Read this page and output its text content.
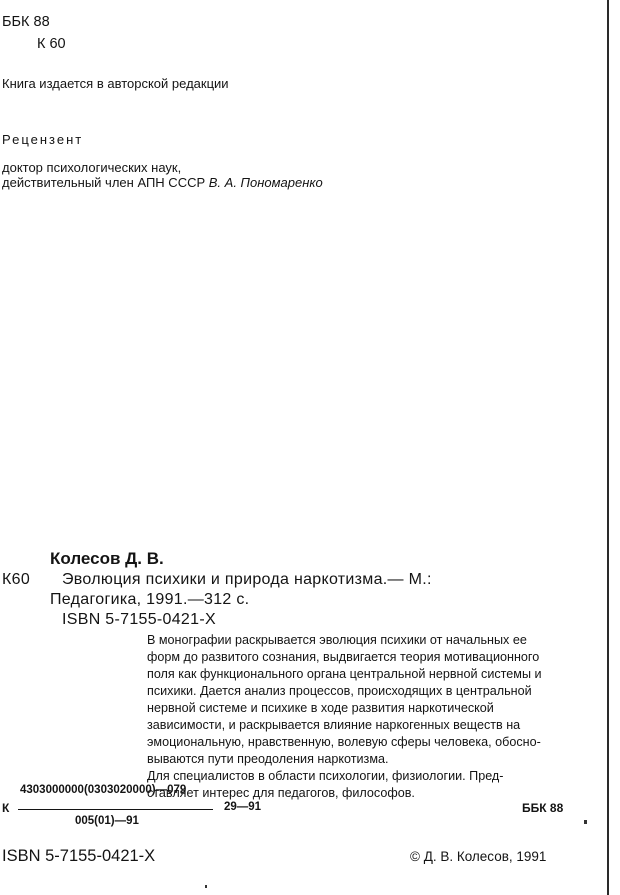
ББК 88
К 60
Книга издается в авторской редакции
Рецензент
доктор психологических наук,
действительный член АПН СССР В. А. Пономаренко
Колесов Д. В.
К60 Эволюция психики и природа наркотизма.— М.:
Педагогика, 1991.—312 с.
ISBN 5-7155-0421-X
В монографии раскрывается эволюция психики от начальных ее
форм до развитого сознания, выдвигается теория мотивационного
поля как функционального органа центральной нервной системы и
психики. Дается анализ процессов, происходящих в центральной
нервной системе и психике в ходе развития наркотической
зависимости, и раскрывается влияние наркогенных веществ на
эмоциональную, нравственную, волевую сферы человека, обосно-
вываются пути преодоления наркотизма.
Для специалистов в области психологии, физиологии. Пред-
ставляет интерес для педагогов, философов.
4303000000(0303020000)—079
К	29—91
005(01)—91
ББК 88
ISBN 5-7155-0421-X	© Д. В. Колесов, 1991
